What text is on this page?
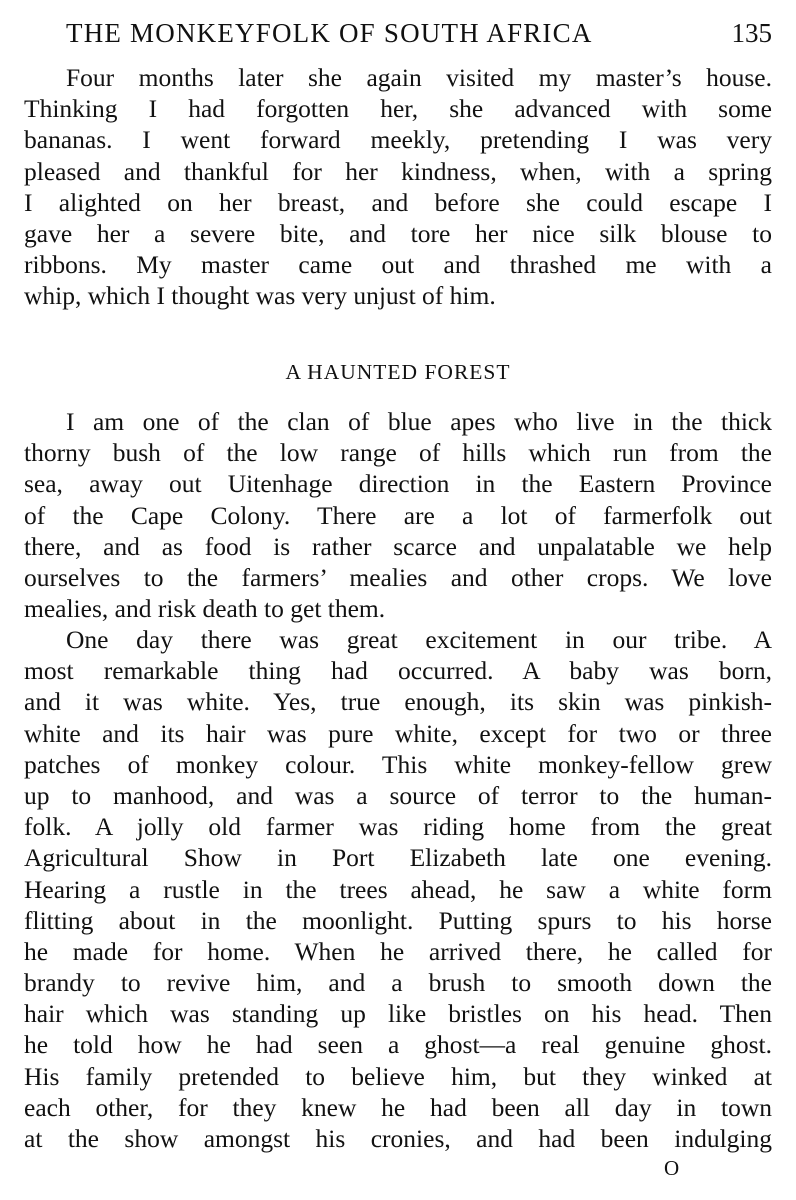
THE MONKEYFOLK OF SOUTH AFRICA	135
Four months later she again visited my master’s house.
Thinking I had forgotten her, she advanced with some
bananas. I went forward meekly, pretending I was very
pleased and thankful for her kindness, when, with a spring
I alighted on her breast, and before she could escape I
gave her a severe bite, and tore her nice silk blouse to
ribbons. My master came out and thrashed me with a
whip, which I thought was very unjust of him.
A HAUNTED FOREST
I am one of the clan of blue apes who live in the thick
thorny bush of the low range of hills which run from the
sea, away out Uitenhage direction in the Eastern Province
of the Cape Colony. There are a lot of farmerfolk out
there, and as food is rather scarce and unpalatable we help
ourselves to the farmers’ mealies and other crops. We love
mealies, and risk death to get them.
One day there was great excitement in our tribe. A
most remarkable thing had occurred. A baby was born,
and it was white. Yes, true enough, its skin was pinkish-
white and its hair was pure white, except for two or three
patches of monkey colour. This white monkey-fellow grew
up to manhood, and was a source of terror to the human-
folk. A jolly old farmer was riding home from the great
Agricultural Show in Port Elizabeth late one evening.
Hearing a rustle in the trees ahead, he saw a white form
flitting about in the moonlight. Putting spurs to his horse
he made for home. When he arrived there, he called for
brandy to revive him, and a brush to smooth down the
hair which was standing up like bristles on his head. Then
he told how he had seen a ghost—a real genuine ghost.
His family pretended to believe him, but they winked at
each other, for they knew he had been all day in town
at the show amongst his cronies, and had been indulging
O
